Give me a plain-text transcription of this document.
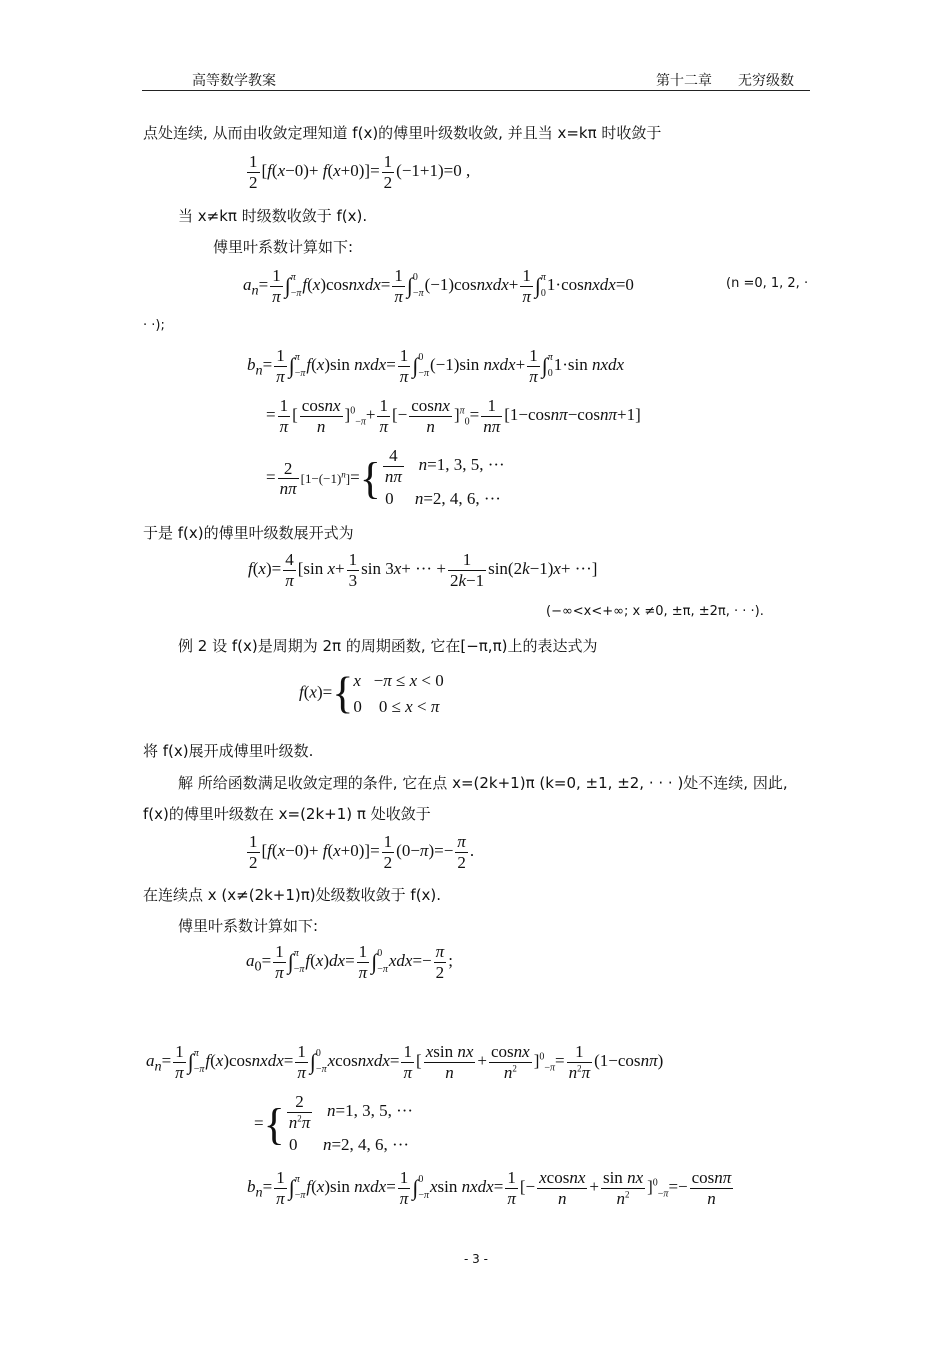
高等数学教案	第十二章 无穷级数
点处连续, 从而由收敛定理知道 f(x)的傅里叶级数收敛, 并且当 x=kπ 时收敛于
$\frac{1}{2} [f(x-0)+ f(x+0)]= \frac{1}{2} (-1+1)=0$ ,
当 x≠kπ 时级数收敛于 f(x).
傅里叶系数计算如下:
$a_n= \frac{1}{\pi}$ ∫ π
−π f(x)cosnxdx= $\frac{1}{\pi}$ ∫ 0
−π (−1)cosnxdx+ $\frac{1}{\pi}$ ∫ π
0 1·cosnxdx=0	(n =0, 1, 2, ·
· ·);
$b_n= \frac{1}{\pi}$ ∫ π
−π f(x)sin nxdx= $\frac{1}{\pi}$ ∫ 0
−π (−1)sin nxdx+ $\frac{1}{\pi}$ ∫ π
0 1·sin nxdx
= $\frac{1}{\pi}$ [ $\frac{\text{cosnx}}{n} ]^0_{-\pi}+ \frac{1}{\pi}$ [− $\frac{\text{cosnx}}{n} ]^\pi_0= \frac{1}{n\pi} [1-\cos n\pi-\cos n\pi+1]$
= $\frac{2}{n\pi} [1-(-1)^n]=\{ \frac{4}{n\pi} n=1$, 3, 5, ···
0     n=2, 4, 6, ···
于是 f(x)的傅里叶级数展开式为
$f(x)= \frac{4}{\pi} [\sin$ $x+ \frac{1}{3}$ sin 3x+ ··· + $\frac{1}{2k-1} \sin(2k-1)x+$ ···]
(−∞<x<+∞; x ≠0, ±π, ±2π, · · ·).
例 2 设 f(x)是周期为 2π 的周期函数, 它在[−π,π)上的表达式为
f(x)={ x   −π ≤ x < 0
0    0 ≤ x < π
将 f(x)展开成傅里叶级数.
解 所给函数满足收敛定理的条件, 它在点 x=(2k+1)π (k=0, ±1, ±2, · · · )处不连续, 因此,
f(x)的傅里叶级数在 x=(2k+1) π 处收敛于
$\frac{1}{2} [f(x-0)+ f(x+0)]= \frac{1}{2} (0-\pi)=- \frac{\pi}{2}$ .
在连续点 x (x≠(2k+1)π)处级数收敛于 f(x).
傅里叶系数计算如下:
$a_0= \frac{1}{\pi}$ ∫ π
−π $f(x)dx= \frac{1}{\pi}$ ∫ 0
−π $xdx=- \frac{\pi}{2}$ ;
$a_n= \frac{1}{\pi}$ ∫ π
−π f(x)cosnxdx= $\frac{1}{\pi}$ ∫ 0
−π xcosnxdx= $\frac{1}{\pi}$ [ $\frac{\text{xsin nx}}{n} + \frac{\text{cosnx}}{n^2} ]^0_{-\pi}= \frac{1}{n^2\pi} (1-\cos n\pi)$
={ $\frac{2}{n^2\pi} n=1$, 3, 5, ···
0      n=2, 4, 6, ···
$b_n= \frac{1}{\pi}$ ∫ π
−π f(x)sin nxdx= $\frac{1}{\pi}$ ∫ 0
−π xsin nxdx= $\frac{1}{\pi}$ [− $\frac{\text{xcosnx}}{n} + \frac{\text{sin nx}}{n^2} ]^0_{-\pi}=- \frac{\cos n\pi}{n}$
- 3 -
